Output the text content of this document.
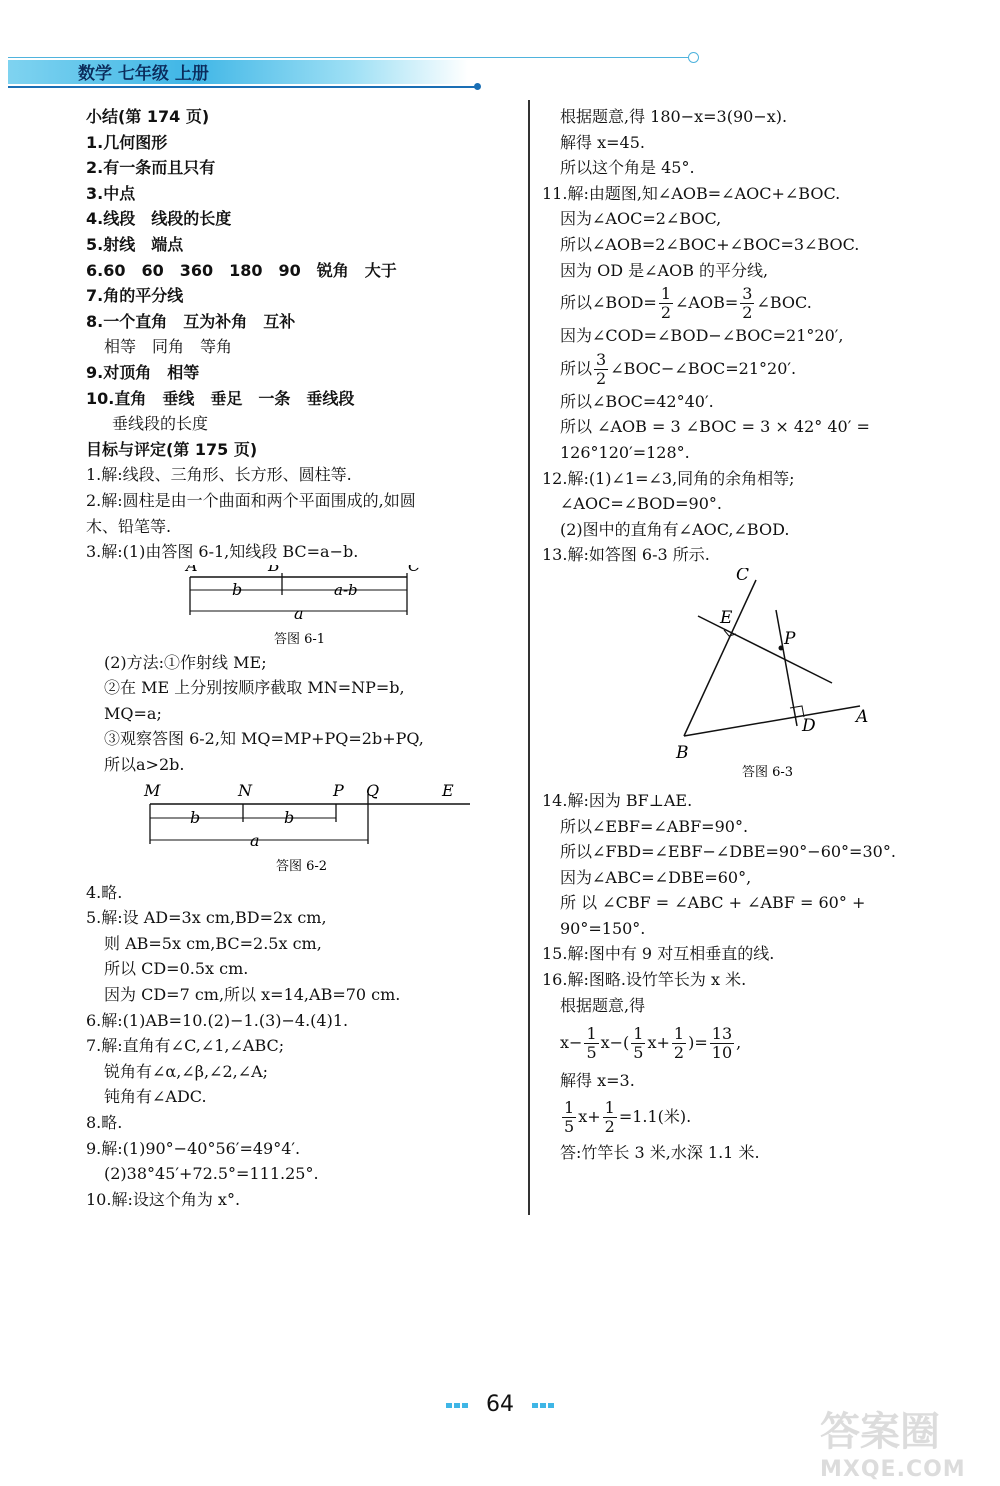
数学 七年级 上册
小结(第 174 页)
1.几何图形
2.有一条而且只有
3.中点
4.线段　线段的长度
5.射线　端点
6.60　60　360　180　90　锐角　大于
7.角的平分线
8.一个直角　互为补角　互补
相等　同角　等角
9.对顶角　相等
10.直角　垂线　垂足　一条　垂线段
垂线段的长度
目标与评定(第 175 页)
1.解:线段、三角形、长方形、圆柱等.
2.解:圆柱是由一个曲面和两个平面围成的,如圆
木、铅笔等.
3.解:(1)由答图 6-1,知线段 BC=a−b.
A	B	C
b	a-b
a
答图 6-1
(2)方法:①作射线 ME;
②在 ME 上分别按顺序截取 MN=NP=b,
MQ=a;
③观察答图 6-2,知 MQ=MP+PQ=2b+PQ,
所以a>2b.
M	N	P Q	E
b	b
a
答图 6-2
4.略.
5.解:设 AD=3x cm,BD=2x cm,
则 AB=5x cm,BC=2.5x cm,
所以 CD=0.5x cm.
因为 CD=7 cm,所以 x=14,AB=70 cm.
6.解:(1)AB=10.(2)−1.(3)−4.(4)1.
7.解:直角有∠C,∠1,∠ABC;
锐角有∠α,∠β,∠2,∠A;
钝角有∠ADC.
8.略.
9.解:(1)90°−40°56′=49°4′.
(2)38°45′+72.5°=111.25°.
10.解:设这个角为 x°.
根据题意,得 180−x=3(90−x).
解得 x=45.
所以这个角是 45°.
11.解:由题图,知∠AOB=∠AOC+∠BOC.
因为∠AOC=2∠BOC,
所以∠AOB=2∠BOC+∠BOC=3∠BOC.
因为 OD 是∠AOB 的平分线,
所以∠BOD= $\frac{1}{2}$ ∠AOB= $\frac{3}{2}$ ∠BOC.
因为∠COD=∠BOD−∠BOC=21°20′,
所以 $\frac{3}{2}$ ∠BOC−∠BOC=21°20′.
所以∠BOC=42°40′.
所以 ∠AOB = 3 ∠BOC = 3 × 42° 40′ =
126°120′=128°.
12.解:(1)∠1=∠3,同角的余角相等;
∠AOC=∠BOD=90°.
(2)图中的直角有∠AOC,∠BOD.
13.解:如答图 6-3 所示.
C
E
P
D A
B
答图 6-3
14.解:因为 BF⊥AE.
所以∠EBF=∠ABF=90°.
所以∠FBD=∠EBF−∠DBE=90°−60°=30°.
因为∠ABC=∠DBE=60°,
所 以 ∠CBF = ∠ABC + ∠ABF = 60° +
90°=150°.
15.解:图中有 9 对互相垂直的线.
16.解:图略.设竹竿长为 x 米.
根据题意,得
$x- \frac{1}{5} x-( \frac{1}{5} x+ \frac{1}{2}$ )= $\frac{13}{10}$ ,
解得 x=3.
$\frac{1}{5} x+ \frac{1}{2} =1.1$(米).
答:竹竿长 3 米,水深 1.1 米.
64
答案圈
MXQE.COM
